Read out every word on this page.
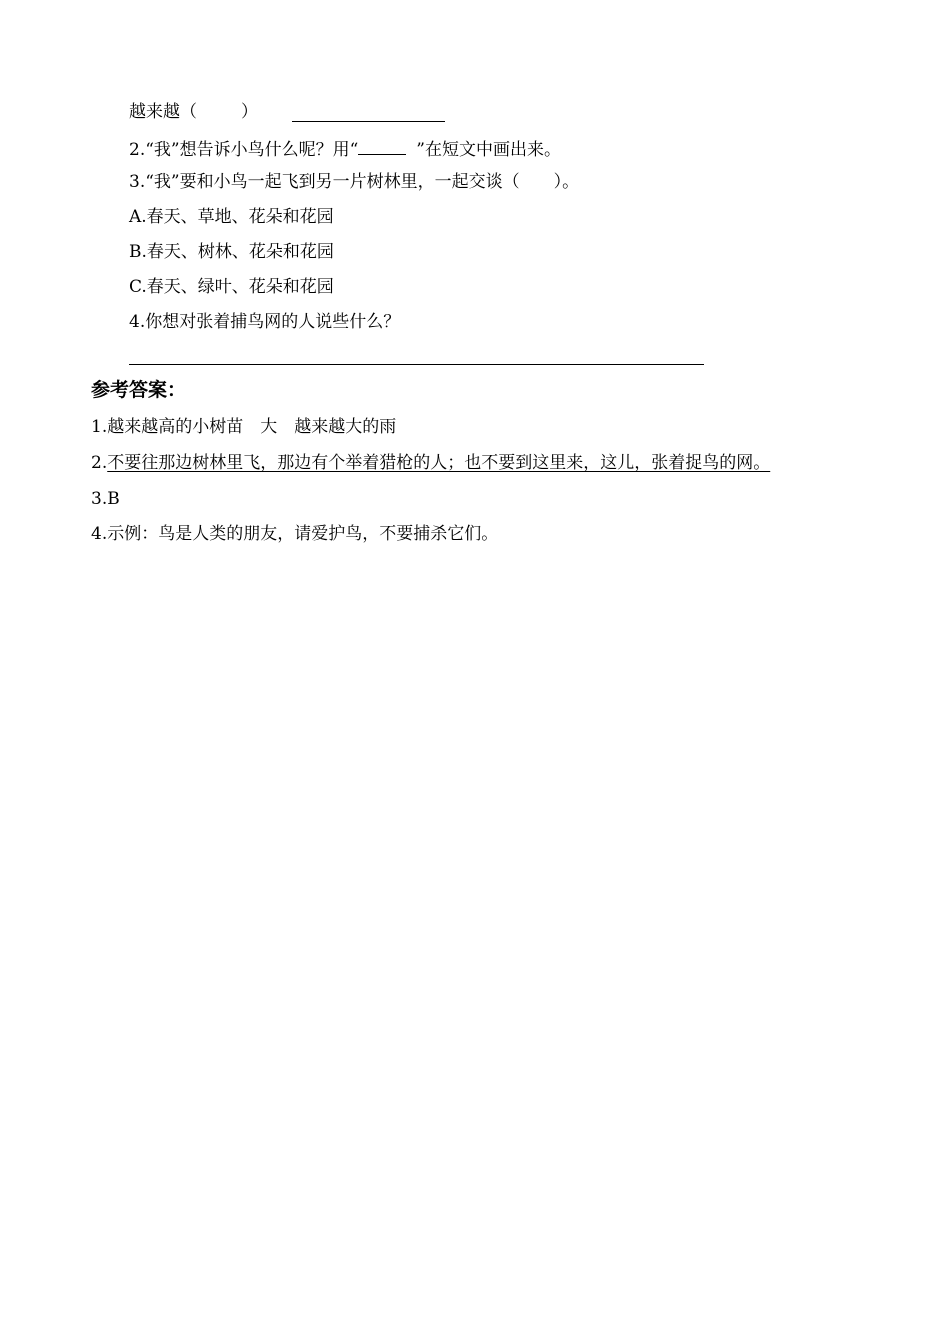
越来越（	）
2.“我”想告诉小鸟什么呢？用“	”在短文中画出来。
3.“我”要和小鸟一起飞到另一片树林里，一起交谈（　　）。
A.春天、草地、花朵和花园
B.春天、树林、花朵和花园
C.春天、绿叶、花朵和花园
4.你想对张着捕鸟网的人说些什么？
参考答案：
1.越来越高的小树苗　大　越来越大的雨
2.不要往那边树林里飞，那边有个举着猎枪的人；也不要到这里来，这儿，张着捉鸟的网。
3.B
4.示例：鸟是人类的朋友，请爱护鸟，不要捕杀它们。
